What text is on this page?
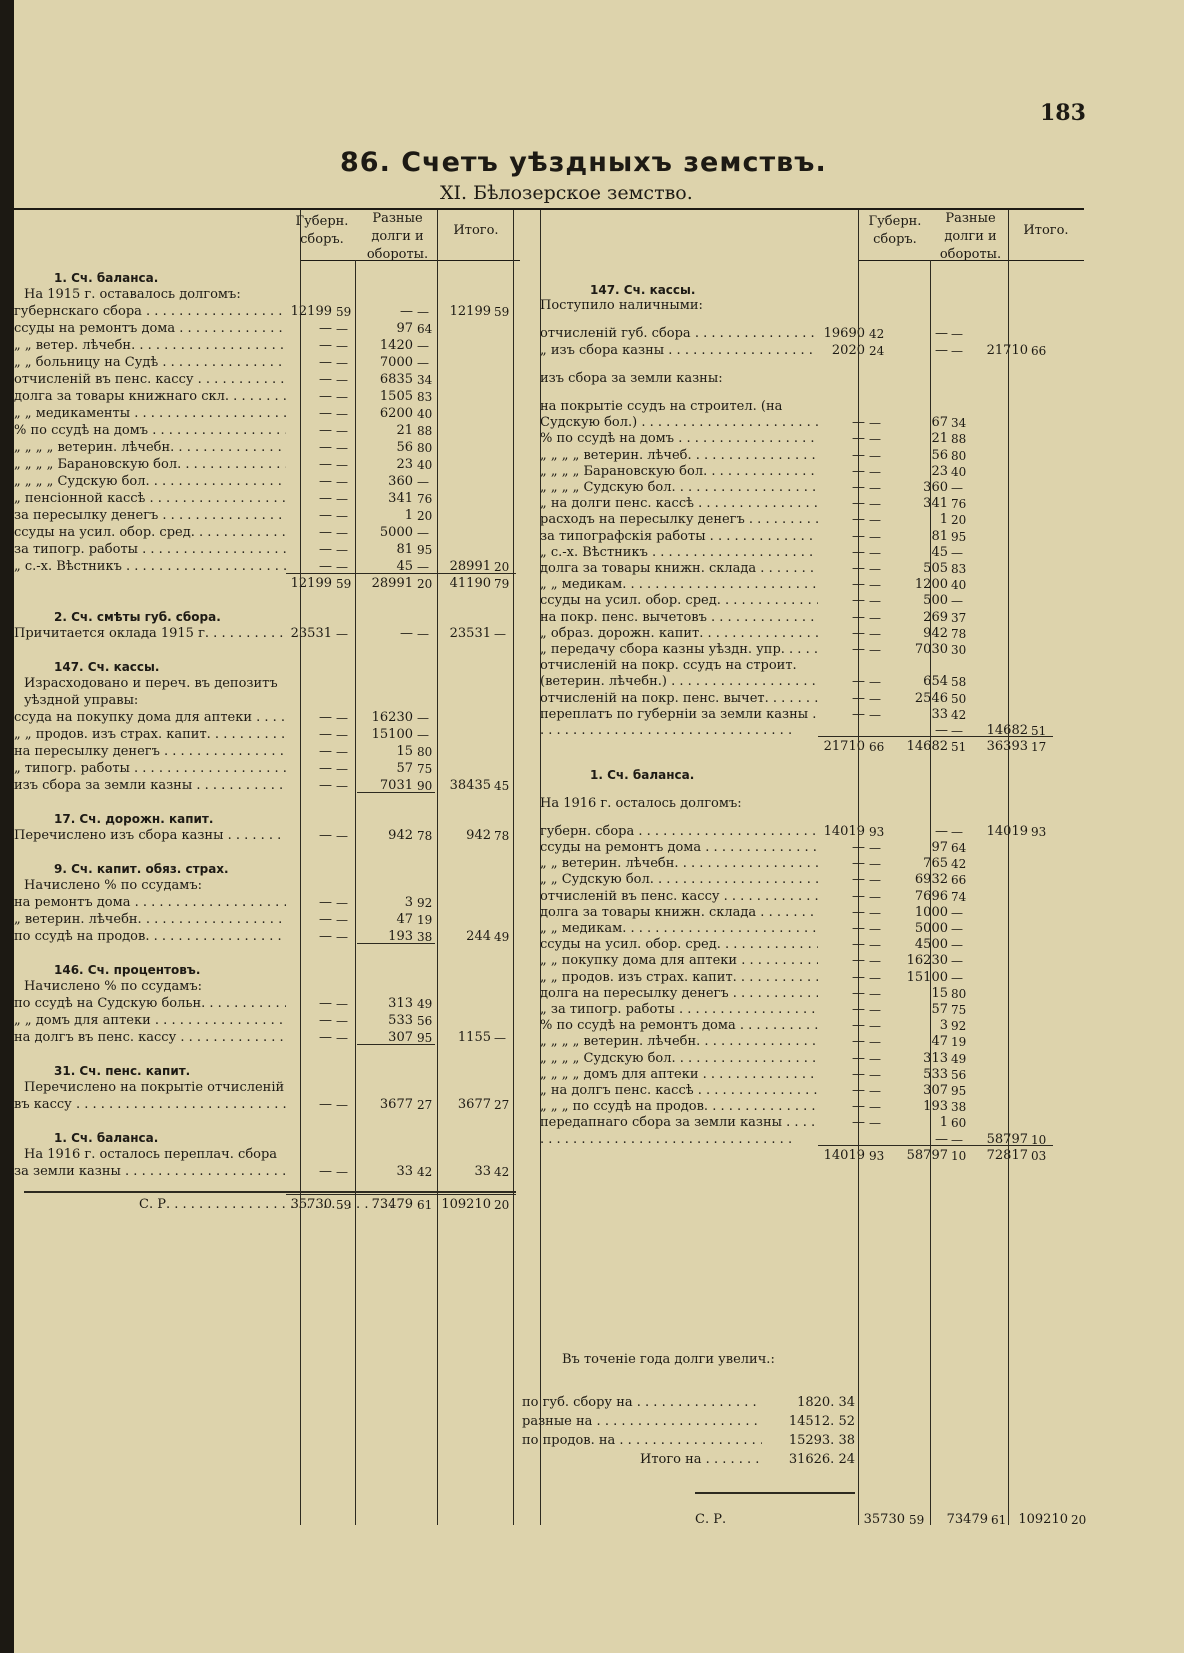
183
86. Счетъ уѣздныхъ земствъ.
XI. Бѣлозерское земство.
Губерн. сборъ.
Разные долги и обороты.
Итого.
Губерн. сборъ.
Разные долги и обороты.
Итого.
1. Сч. баланса.
На 1915 г. оставалось долгомъ:
губернскаго сбора . . .	12199 59	— —	12199 59
ссуды на ремонтъ дома . . .	— —	97 64
„ „ ветер. лѣчебн. . . .	— —	1420 —
„ „ больницу на Судѣ . . .	— —	7000 —
отчисленій въ пенс. кассу . . .	— —	6835 34
долга за товары книжнаго скл. . . .	— —	1505 83
„ „ медикаменты . . .	— —	6200 40
% по ссудѣ на домъ . . .	— —	21 88
„ „ „ „ ветерин. лѣчебн. . . .	— —	56 80
„ „ „ „ Барановскую бол. . . .	— —	23 40
„ „ „ „ Судскую бол. . . .	— —	360 —
„ пенсіонной кассѣ . . .	— —	341 76
за пересылку денегъ . . .	— —	1 20
ссуды на усил. обор. сред. . . .	— —	5000 —
за типогр. работы . . .	— —	81 95
„ с.-х. Вѣстникъ . . .	— —	45 —	28991 20
12199 59	28991 20	41190 79
2. Сч. смѣты губ. сбора.
Причитается оклада 1915 г. . . .	23531 —	— —	23531 —
147. Сч. кассы.
Израсходовано и переч. въ депозитъ
уѣздной управы:
ссуда на покупку дома для аптеки . . .	— —	16230 —
„ „ продов. изъ страх. капит. . . .	— —	15100 —
на пересылку денегъ . . .	— —	15 80
„ типогр. работы . . .	— —	57 75
изъ сбора за земли казны . . .	— —	7031 90	38435 45
17. Сч. дорожн. капит.
Перечислено изъ сбора казны . . .	— —	942 78	942 78
9. Сч. капит. обяз. страх.
Начислено % по ссудамъ:
на ремонтъ дома . . .	— —	3 92
„ ветерин. лѣчебн. . . .	— —	47 19
по ссудѣ на продов. . . .	— —	193 38	244 49
146. Сч. процентовъ.
Начислено % по ссудамъ:
по ссудѣ на Судскую больн. . . .	— —	313 49
„ „ домъ для аптеки . . .	— —	533 56
на долгъ въ пенс. кассу . . .	— —	307 95	1155 —
31. Сч. пенс. капит.
Перечислено на покрытіе отчисленій
въ кассу . . .	— —	3677 27	3677 27
1. Сч. баланса.
На 1916 г. осталось переплач. сбора
за земли казны . . .	— —	33 42	33 42
С. Р. . . .	35730 59	73479 61 109210 20
147. Сч. кассы.
Поступило наличными:
отчисленій губ. сбора . . .	19690 42	— —
„ изъ сбора казны . . .	2020 24	— —	21710 66
изъ сбора за земли казны:
на покрытіе ссудъ на строител. (на
Судскую бол.) . . .	— —	67 34
% по ссудѣ на домъ . . .	— —	21 88
„ „ „ „ ветерин. лѣчеб. . . .	— —	56 80
„ „ „ „ Барановскую бол. . . .	— —	23 40
„ „ „ „ Судскую бол. . . .	— —	360 —
„ на долги пенс. кассѣ . . .	— —	341 76
расходъ на пересылку денегъ . . .	— —	1 20
за типографскія работы . . .	— —	81 95
„ с.-х. Вѣстникъ . . .	— —	45 —
долга за товары книжн. склада . . .	— —	505 83
„ „ медикам. . . .	— —	1200 40
ссуды на усил. обор. сред. . . .	— —	500 —
на покр. пенс. вычетовъ . . .	— —	269 37
„ образ. дорожн. капит. . . .	— —	942 78
„ передачу сбора казны уѣздн. упр. . . .	— —	7030 30
отчисленій на покр. ссудъ на строит.
(ветерин. лѣчебн.) . . .	— —	654 58
отчисленій на покр. пенс. вычет. . . .	— —	2546 50
переплатъ по губерніи за земли казны . . .	— —	33 42
. . .
— —	14682 51
21710 66	14682 51	36393 17
1. Сч. баланса.
На 1916 г. осталось долгомъ:
губерн. сбора . . .	14019 93	— —	14019 93
ссуды на ремонтъ дома . . .	— —	97 64
„ „ ветерин. лѣчебн. . . .	— —	765 42
„ „ Судскую бол. . . .	— —	6932 66
отчисленій въ пенс. кассу . . .	— —	7696 74
долга за товары книжн. склада . . .	— —	1000 —
„ „ медикам. . . .	— —	5000 —
ссуды на усил. обор. сред. . . .	— —	4500 —
„ „ покупку дома для аптеки . . .	— —	16230 —
„ „ продов. изъ страх. капит. . . .	— —	15100 —
долга на пересылку денегъ . . .	— —	15 80
„ за типогр. работы . . .	— —	57 75
% по ссудѣ на ремонтъ дома . . .	— —	3 92
„ „ „ „ ветерин. лѣчебн. . . .	— —	47 19
„ „ „ „ Судскую бол. . . .	— —	313 49
„ „ „ „ домъ для аптеки . . .	— —	533 56
„ на долгъ пенс. кассѣ . . .	— —	307 95
„ „ „ по ссудѣ на продов. . . .	— —	193 38
передапнаго сбора за земли казны . . .	— —	1 60
. . .
— —	58797 10
14019 93	58797 10	72817 03
Въ точеніе года долги увелич.:
по губ. сбору на . . .	1820. 34
разные на . . .	14512. 52
по продов. на . . .	15293. 38
Итого на . . .	31626. 24
С. Р.	35730 59	73479 61 109210 20
